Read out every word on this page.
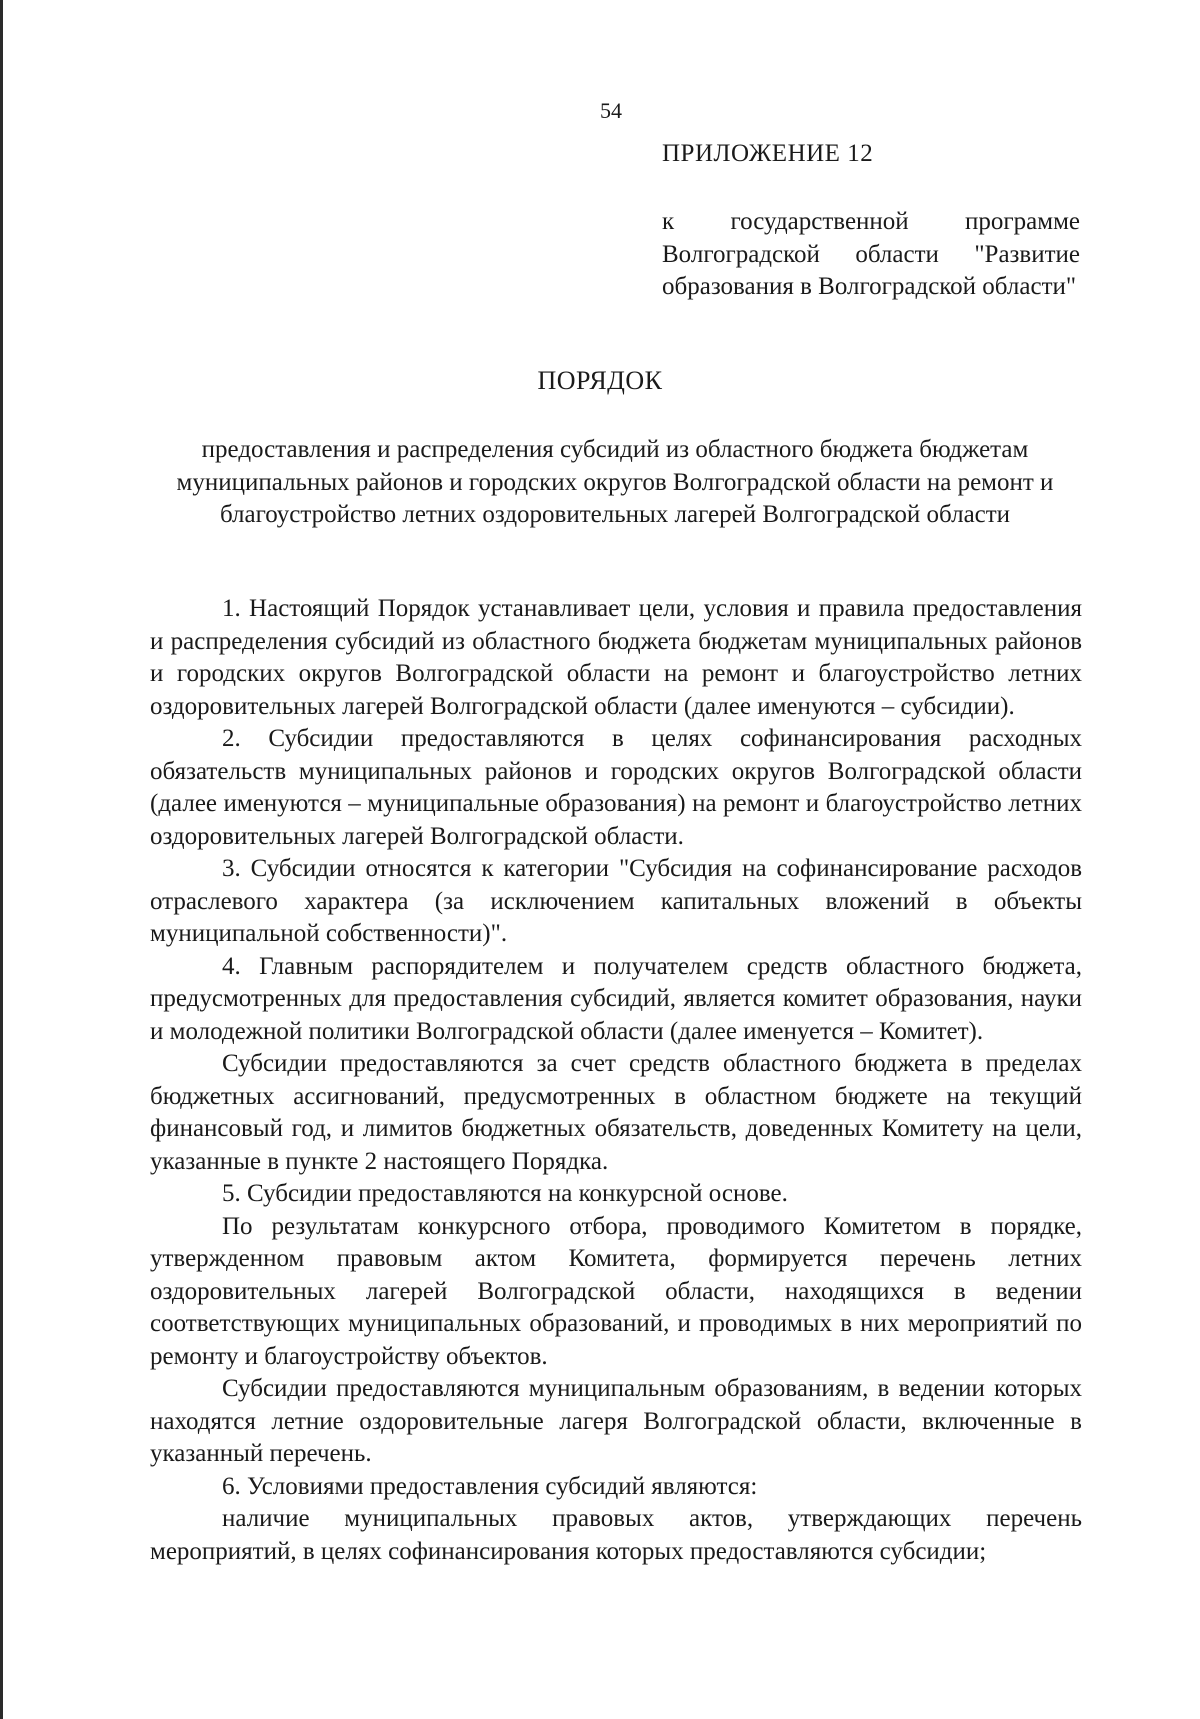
54
ПРИЛОЖЕНИЕ 12
к государственной программе Волгоградской области "Развитие образования в Волгоградской области"
ПОРЯДОК
предоставления и распределения субсидий из областного бюджета бюджетам муниципальных районов и городских округов Волгоградской области на ремонт и благоустройство летних оздоровительных лагерей Волгоградской области

1. Настоящий Порядок устанавливает цели, условия и правила предоставления и распределения субсидий из областного бюджета бюджетам муниципальных районов и городских округов Волгоградской области на ремонт и благоустройство летних оздоровительных лагерей Волгоградской области (далее именуются – субсидии).

2. Субсидии предоставляются в целях софинансирования расходных обязательств муниципальных районов и городских округов Волгоградской области (далее именуются – муниципальные образования) на ремонт и благоустройство летних оздоровительных лагерей Волгоградской области.

3. Субсидии относятся к категории "Субсидия на софинансирование расходов отраслевого характера (за исключением капитальных вложений в объекты муниципальной собственности)".

4. Главным распорядителем и получателем средств областного бюджета, предусмотренных для предоставления субсидий, является комитет образования, науки и молодежной политики Волгоградской области (далее именуется – Комитет).

Субсидии предоставляются за счет средств областного бюджета в пределах бюджетных ассигнований, предусмотренных в областном бюджете на текущий финансовый год, и лимитов бюджетных обязательств, доведенных Комитету на цели, указанные в пункте 2 настоящего Порядка.

5. Субсидии предоставляются на конкурсной основе.

По результатам конкурсного отбора, проводимого Комитетом в порядке, утвержденном правовым актом Комитета, формируется перечень летних оздоровительных лагерей Волгоградской области, находящихся в ведении соответствующих муниципальных образований, и проводимых в них мероприятий по ремонту и благоустройству объектов.

Субсидии предоставляются муниципальным образованиям, в ведении которых находятся летние оздоровительные лагеря Волгоградской области, включенные в указанный перечень.

6. Условиями предоставления субсидий являются:

наличие муниципальных правовых актов, утверждающих перечень мероприятий, в целях софинансирования которых предоставляются субсидии;
